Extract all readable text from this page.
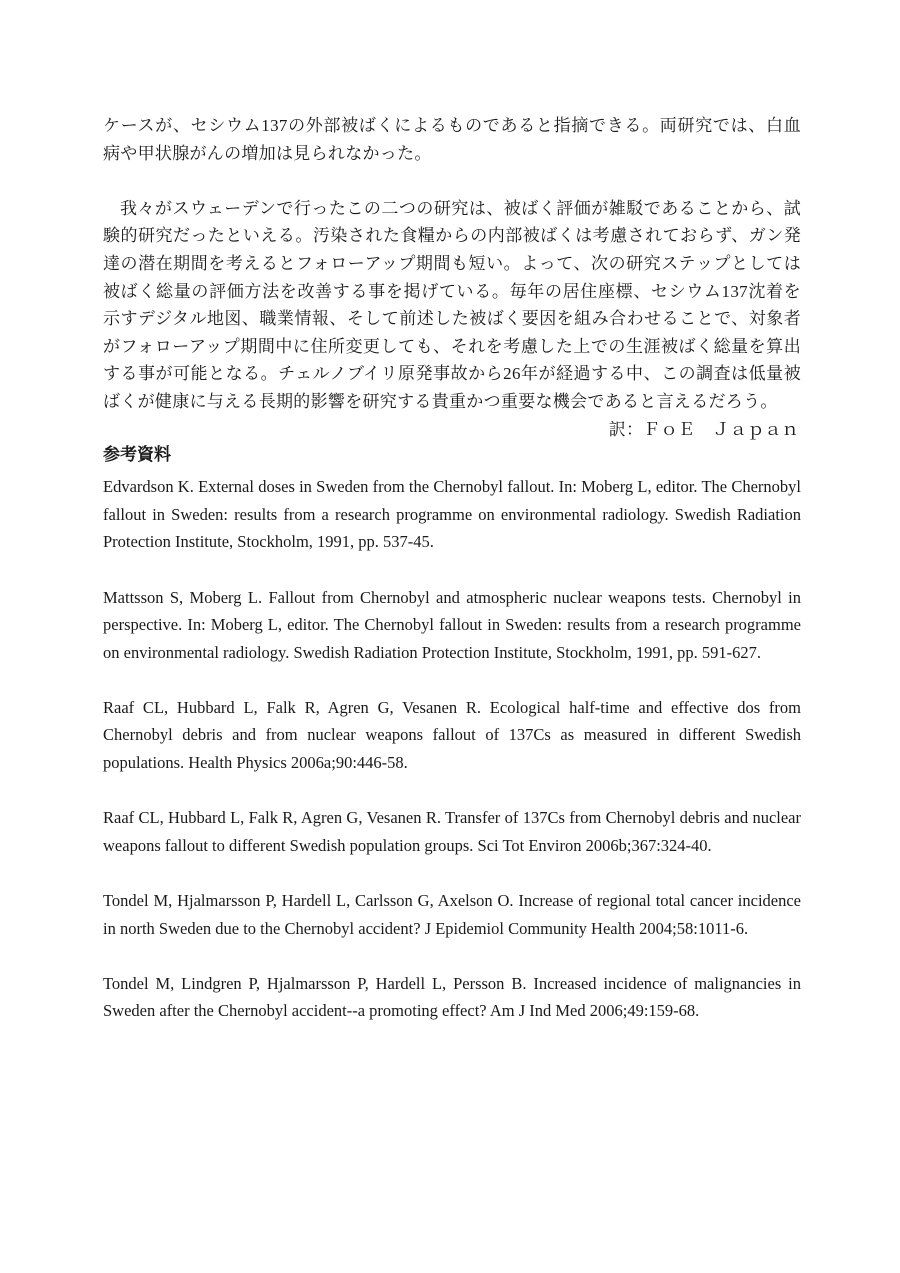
ケースが、セシウム137の外部被ばくによるものであると指摘できる。両研究では、白血病や甲状腺がんの増加は見られなかった。

我々がスウェーデンで行ったこの二つの研究は、被ばく評価が雑駁であることから、試験的研究だったといえる。汚染された食糧からの内部被ばくは考慮されておらず、ガン発達の潜在期間を考えるとフォローアップ期間も短い。よって、次の研究ステップとしては被ばく総量の評価方法を改善する事を掲げている。毎年の居住座標、セシウム137沈着を示すデジタル地図、職業情報、そして前述した被ばく要因を組み合わせることで、対象者がフォローアップ期間中に住所変更しても、それを考慮した上での生涯被ばく総量を算出する事が可能となる。チェルノブイリ原発事故から26年が経過する中、この調査は低量被ばくが健康に与える長期的影響を研究する貴重かつ重要な機会であると言えるだろう。

訳：ＦｏＥ　Ｊａｐａｎ

参考資料

Edvardson K. External doses in Sweden from the Chernobyl fallout. In: Moberg L, editor. The Chernobyl fallout in Sweden: results from a research programme on environmental radiology. Swedish Radiation Protection Institute, Stockholm, 1991, pp. 537-45.

Mattsson S, Moberg L. Fallout from Chernobyl and atmospheric nuclear weapons tests. Chernobyl in perspective. In: Moberg L, editor. The Chernobyl fallout in Sweden: results from a research programme on environmental radiology. Swedish Radiation Protection Institute, Stockholm, 1991, pp. 591-627.

Raaf CL, Hubbard L, Falk R, Agren G, Vesanen R. Ecological half-time and effective dos from Chernobyl debris and from nuclear weapons fallout of 137Cs as measured in different Swedish populations. Health Physics 2006a;90:446-58.

Raaf CL, Hubbard L, Falk R, Agren G, Vesanen R. Transfer of 137Cs from Chernobyl debris and nuclear weapons fallout to different Swedish population groups. Sci Tot Environ 2006b;367:324-40.

Tondel M, Hjalmarsson P, Hardell L, Carlsson G, Axelson O. Increase of regional total cancer incidence in north Sweden due to the Chernobyl accident? J Epidemiol Community Health 2004;58:1011-6.

Tondel M, Lindgren P, Hjalmarsson P, Hardell L, Persson B. Increased incidence of malignancies in Sweden after the Chernobyl accident--a promoting effect? Am J Ind Med 2006;49:159-68.
